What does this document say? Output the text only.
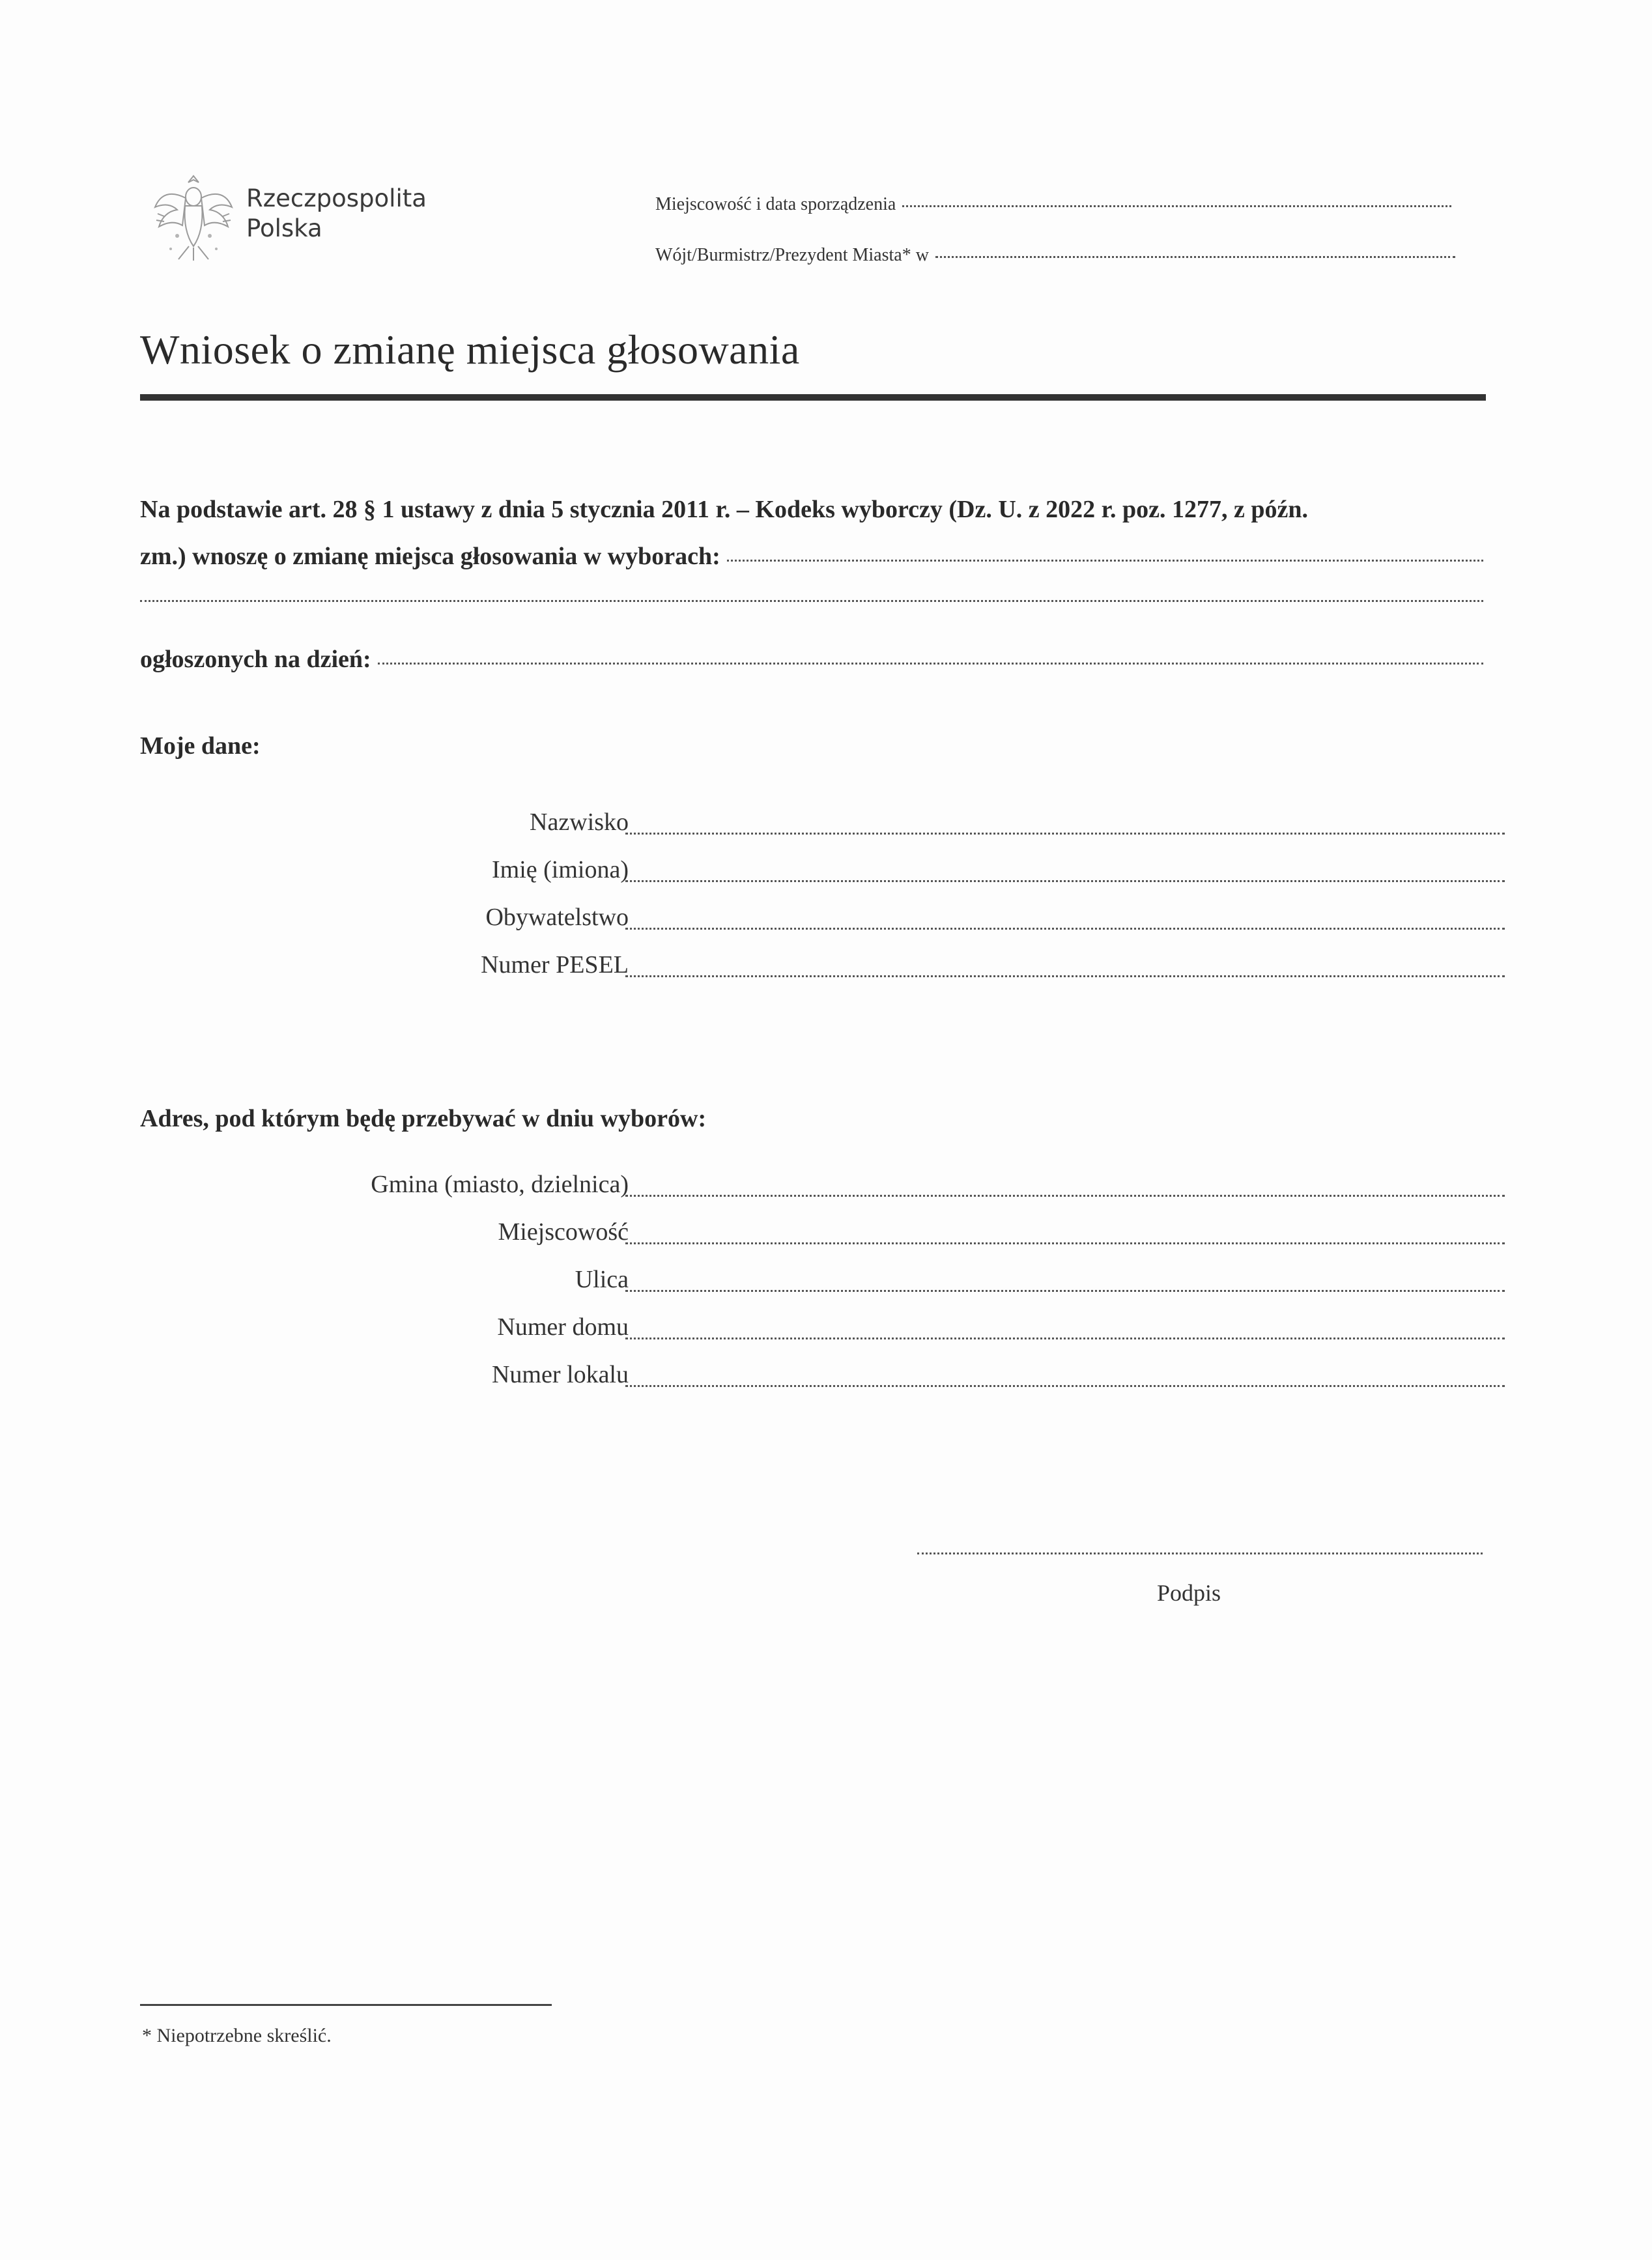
Rzeczpospolita
Polska
Miejscowość i data sporządzenia
Wójt/Burmistrz/Prezydent Miasta* w
Wniosek o zmianę miejsca głosowania
Na podstawie art. 28 § 1 ustawy z dnia 5 stycznia 2011 r. – Kodeks wyborczy (Dz. U. z 2022 r. poz. 1277, z późn.
zm.) wnoszę o zmianę miejsca głosowania w wyborach:
ogłoszonych na dzień:
Moje dane:
Nazwisko
Imię (imiona)
Obywatelstwo
Numer PESEL
Adres, pod którym będę przebywać w dniu wyborów:
Gmina (miasto, dzielnica)
Miejscowość
Ulica
Numer domu
Numer lokalu
Podpis
* Niepotrzebne skreślić.
